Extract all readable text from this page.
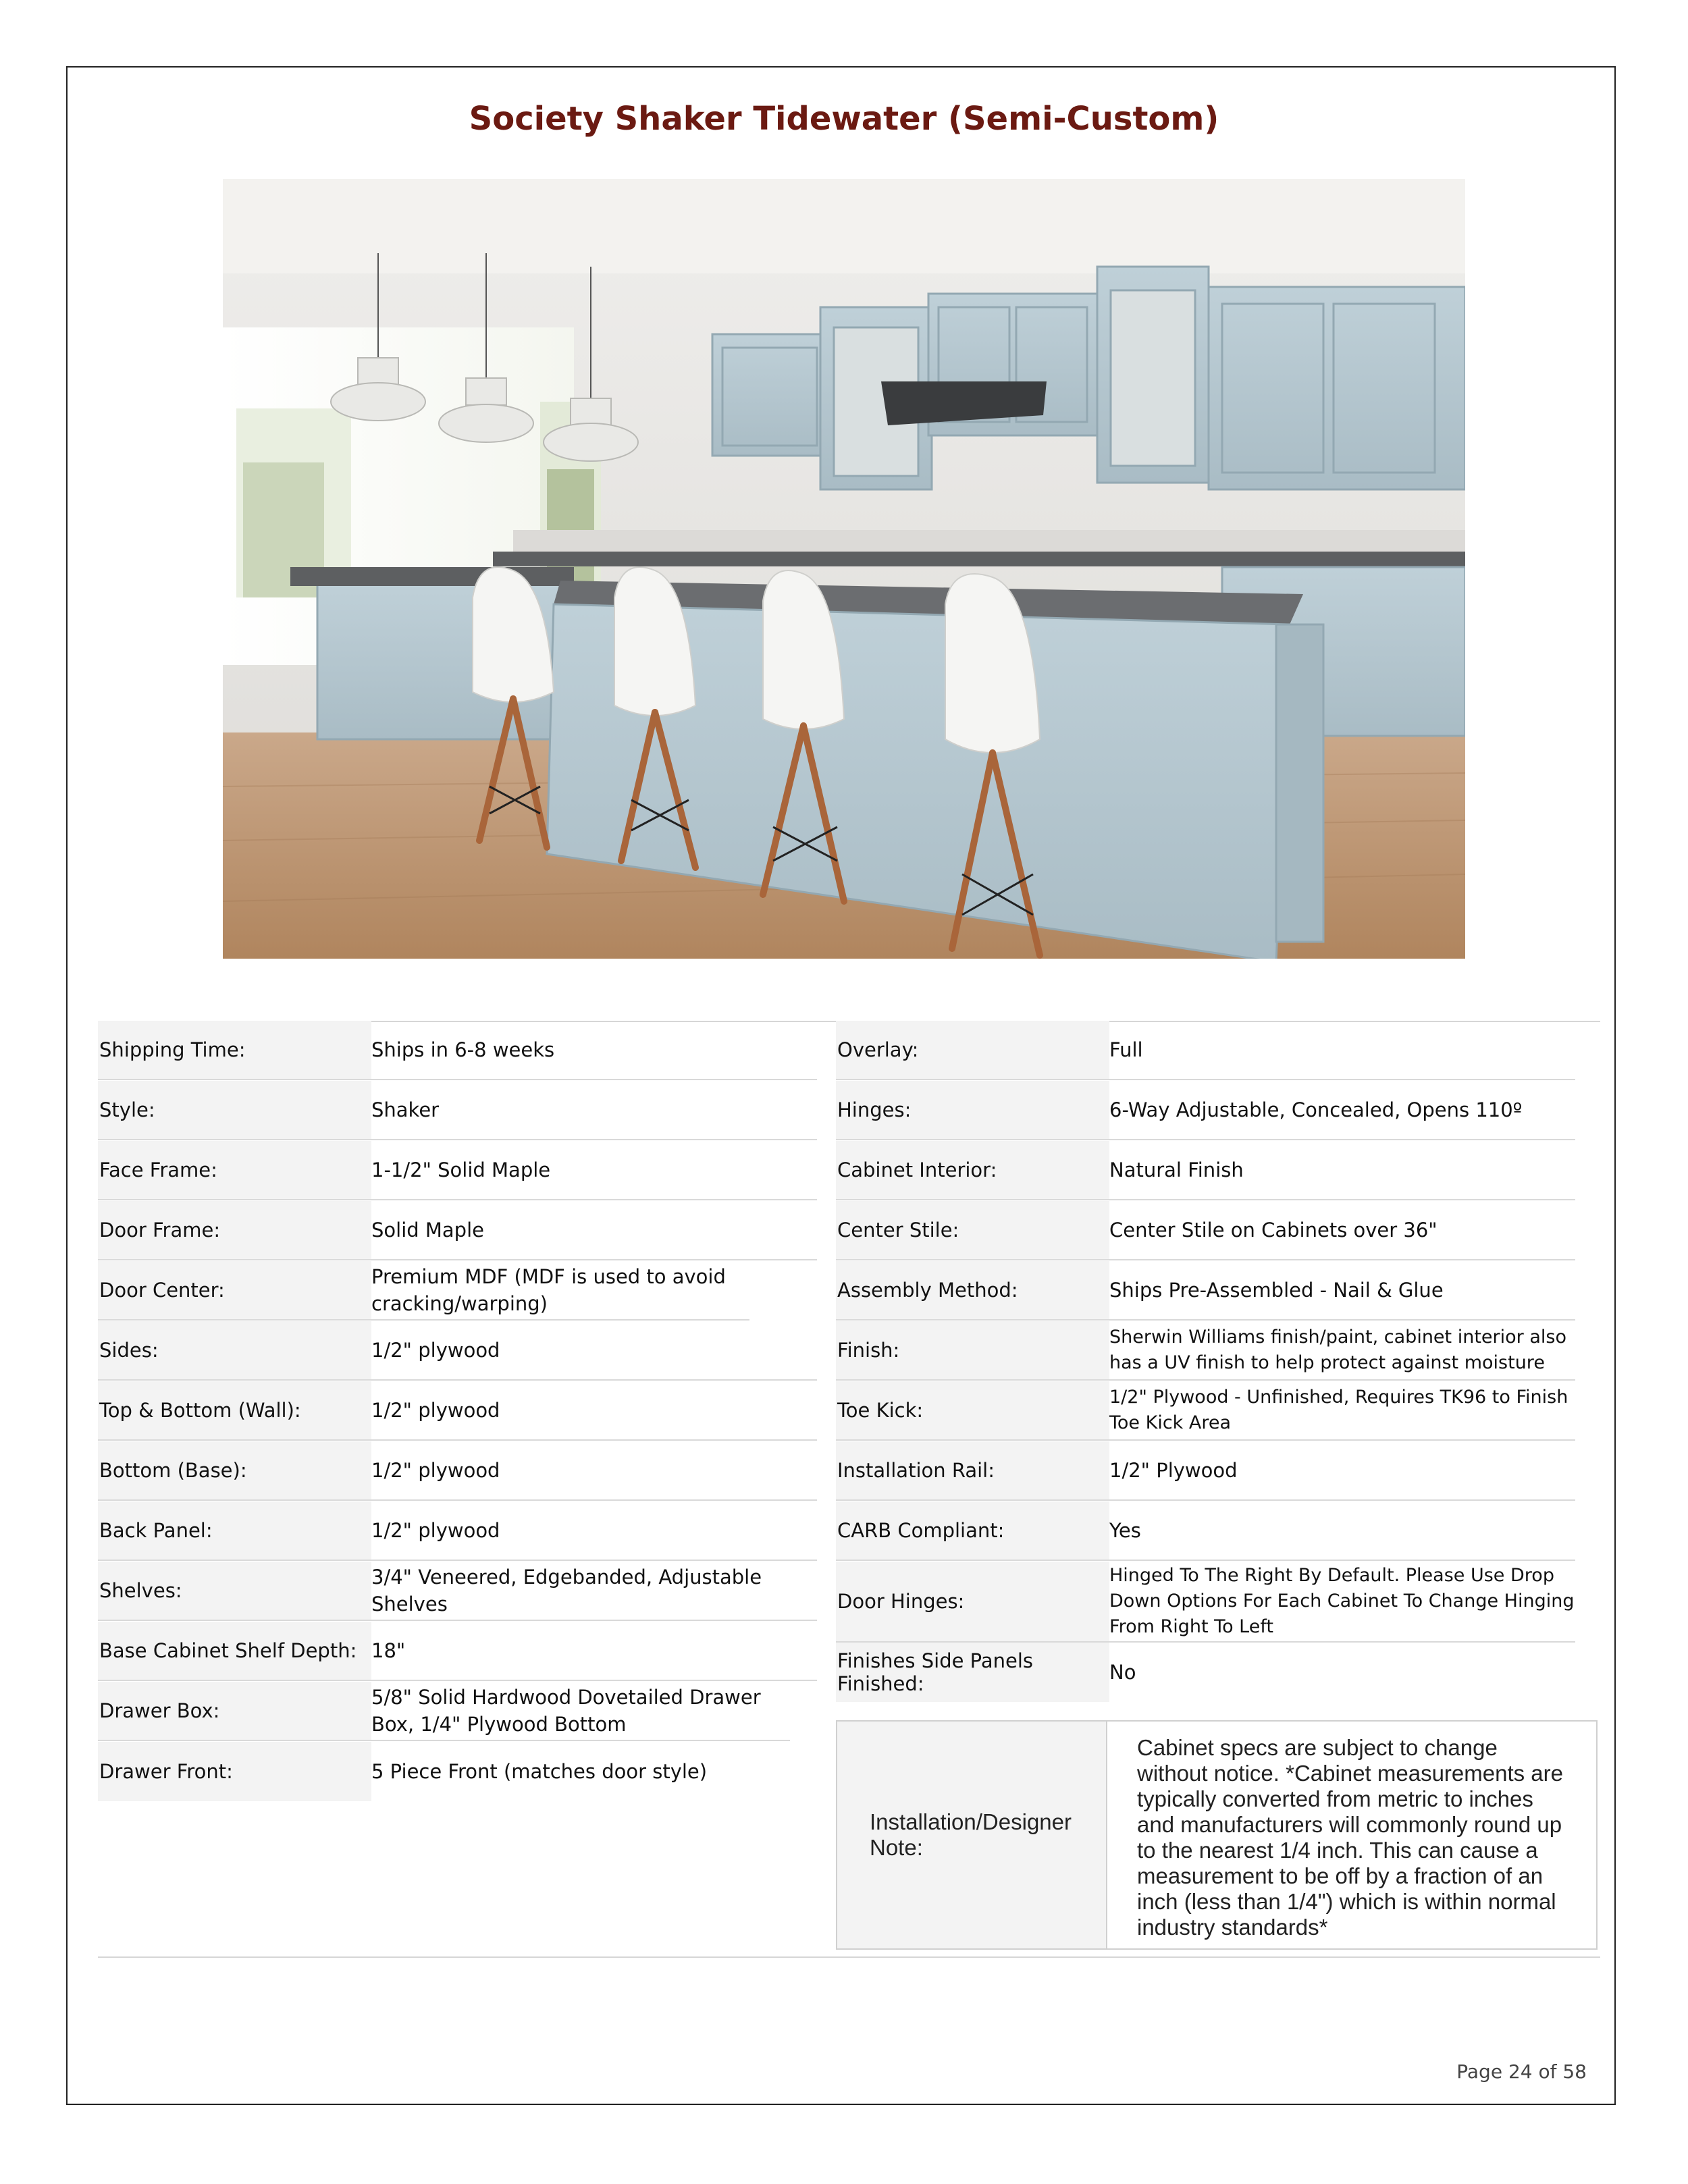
Society Shaker Tidewater (Semi-Custom)
Shipping Time:	Ships in 6-8 weeks
Style:	Shaker
Face Frame:	1-1/2" Solid Maple
Door Frame:	Solid Maple
Door Center:
Premium MDF (MDF is used to avoid cracking/warping)
Sides:	1/2" plywood
Top & Bottom (Wall):	1/2" plywood
Bottom (Base):	1/2" plywood
Back Panel:	1/2" plywood
Shelves:
3/4" Veneered, Edgebanded, Adjustable Shelves
Base Cabinet Shelf Depth: 18"
Drawer Box:
5/8" Solid Hardwood Dovetailed Drawer Box, 1/4" Plywood Bottom
Drawer Front:	5 Piece Front (matches door style)
Overlay:	Full
Hinges:	6-Way Adjustable, Concealed, Opens 110º
Cabinet Interior:	Natural Finish
Center Stile:	Center Stile on Cabinets over 36"
Assembly Method:	Ships Pre-Assembled - Nail & Glue
Finish:
Sherwin Williams finish/paint, cabinet interior also has a UV finish to help protect against moisture
Toe Kick:
1/2" Plywood - Unfinished, Requires TK96 to Finish Toe Kick Area
Installation Rail:	1/2" Plywood
CARB Compliant:	Yes
Door Hinges:
Hinged To The Right By Default. Please Use Drop Down Options For Each Cabinet To Change Hinging From Right To Left
Finishes Side Panels Finished:	No
Installation/Designer Note:
Cabinet specs are subject to change without notice. *Cabinet measurements are typically converted from metric to inches and manufacturers will commonly round up to the nearest 1/4 inch. This can cause a measurement to be off by a fraction of an inch (less than 1/4") which is within normal industry standards*
Page 24 of 58
